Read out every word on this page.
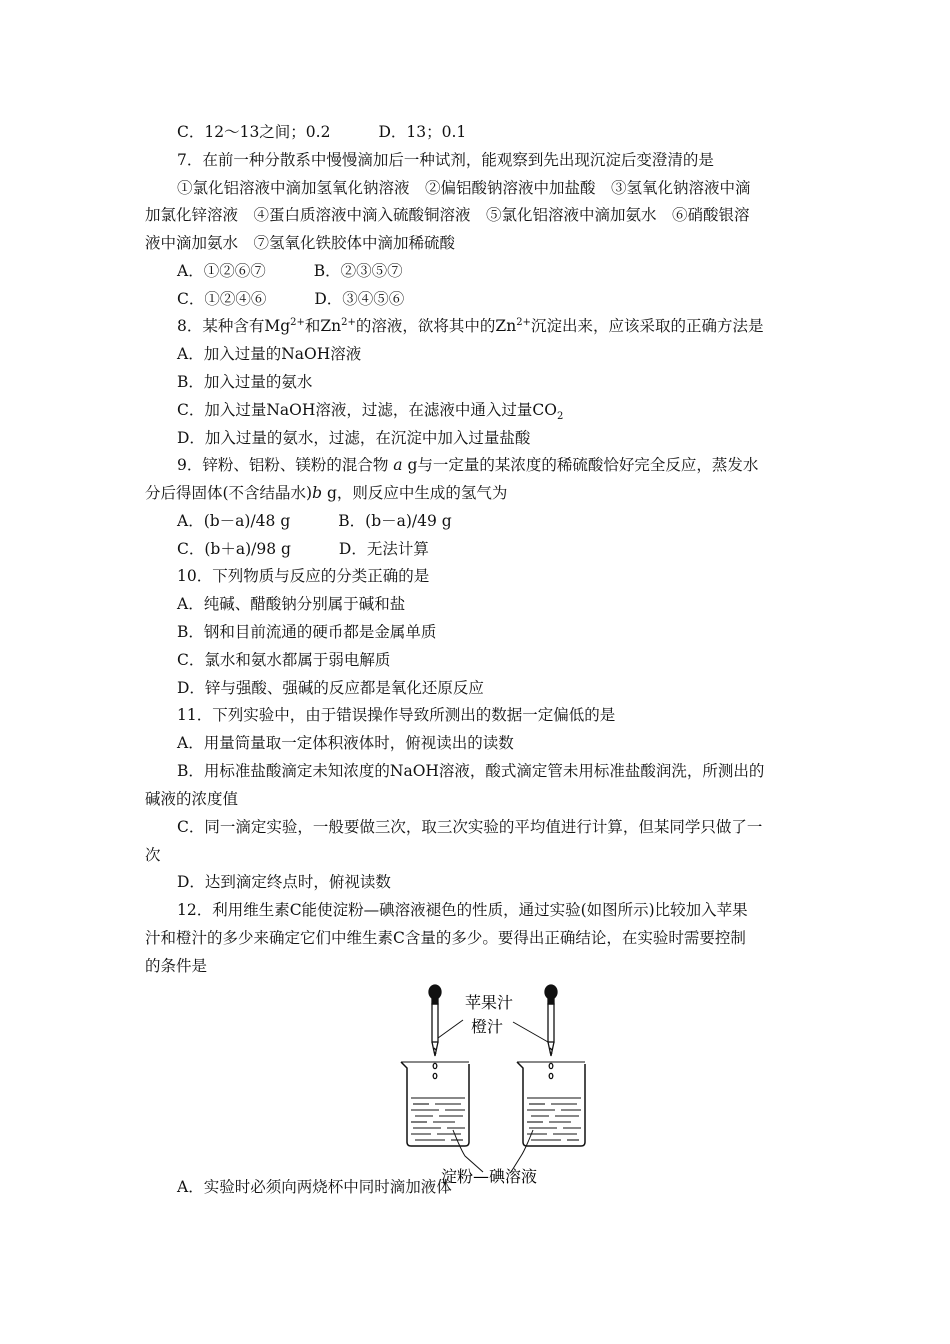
C．12～13之间；0.2	D．13；0.1
7．在前一种分散系中慢慢滴加后一种试剂，能观察到先出现沉淀后变澄清的是
①氯化铝溶液中滴加氢氧化钠溶液　②偏铝酸钠溶液中加盐酸　③氢氧化钠溶液中滴
加氯化锌溶液　④蛋白质溶液中滴入硫酸铜溶液　⑤氯化铝溶液中滴加氨水　⑥硝酸银溶
液中滴加氨水　⑦氢氧化铁胶体中滴加稀硫酸
A．①②⑥⑦	B．②③⑤⑦
C．①②④⑥	D．③④⑤⑥
8．某种含有$Mg^{2+}$和$Zn^{2+}$的溶液，欲将其中的$Zn^{2+}$沉淀出来，应该采取的正确方法是
A．加入过量的NaOH溶液
B．加入过量的氨水
C．加入过量NaOH溶液，过滤，在滤液中通入过量$CO_2$
D．加入过量的氨水，过滤，在沉淀中加入过量盐酸
9．锌粉、铝粉、镁粉的混合物 a g与一定量的某浓度的稀硫酸恰好完全反应，蒸发水
分后得固体(不含结晶水)b g，则反应中生成的氢气为
A．(b－a)/48 g	B．(b－a)/49 g
C．(b＋a)/98 g	D．无法计算
10．下列物质与反应的分类正确的是
A．纯碱、醋酸钠分别属于碱和盐
B．钢和目前流通的硬币都是金属单质
C．氯水和氨水都属于弱电解质
D．锌与强酸、强碱的反应都是氧化还原反应
11．下列实验中，由于错误操作导致所测出的数据一定偏低的是
A．用量筒量取一定体积液体时，俯视读出的读数
B．用标准盐酸滴定未知浓度的NaOH溶液，酸式滴定管未用标准盐酸润洗，所测出的
碱液的浓度值
C．同一滴定实验，一般要做三次，取三次实验的平均值进行计算，但某同学只做了一
次
D．达到滴定终点时，俯视读数
12．利用维生素C能使淀粉—碘溶液褪色的性质，通过实验(如图所示)比较加入苹果
汁和橙汁的多少来确定它们中维生素C含量的多少。要得出正确结论，在实验时需要控制
的条件是
苹果汁
橙汁
淀粉—碘溶液
A．实验时必须向两烧杯中同时滴加液体
